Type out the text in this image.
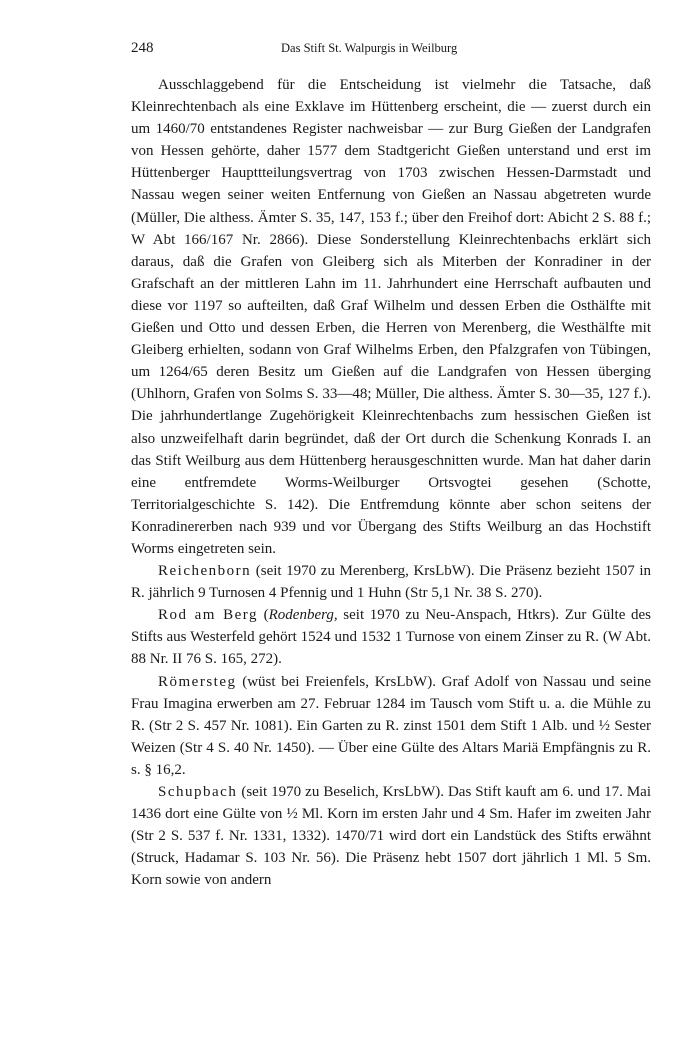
248	Das Stift St. Walpurgis in Weilburg

Ausschlaggebend für die Entscheidung ist vielmehr die Tatsache, daß Kleinrechtenbach als eine Exklave im Hüttenberg erscheint, die — zuerst durch ein um 1460/70 entstandenes Register nachweisbar — zur Burg Gießen der Landgrafen von Hessen gehörte, daher 1577 dem Stadtgericht Gießen unterstand und erst im Hüttenberger Haupttteilungsvertrag von 1703 zwischen Hessen-Darmstadt und Nassau wegen seiner weiten Entfernung von Gießen an Nassau abgetreten wurde (Müller, Die althess. Ämter S. 35, 147, 153 f.; über den Freihof dort: Abicht 2 S. 88 f.; W Abt 166/167 Nr. 2866). Diese Sonderstellung Kleinrechtenbachs erklärt sich daraus, daß die Grafen von Gleiberg sich als Miterben der Konradiner in der Grafschaft an der mittleren Lahn im 11. Jahrhundert eine Herrschaft aufbauten und diese vor 1197 so aufteilten, daß Graf Wilhelm und dessen Erben die Osthälfte mit Gießen und Otto und dessen Erben, die Herren von Merenberg, die Westhälfte mit Gleiberg erhielten, sodann von Graf Wilhelms Erben, den Pfalzgrafen von Tübingen, um 1264/65 deren Besitz um Gießen auf die Landgrafen von Hessen überging (Uhlhorn, Grafen von Solms S. 33—48; Müller, Die althess. Ämter S. 30—35, 127 f.). Die jahrhundertlange Zugehörigkeit Kleinrechtenbachs zum hessischen Gießen ist also unzweifelhaft darin begründet, daß der Ort durch die Schenkung Konrads I. an das Stift Weilburg aus dem Hüttenberg herausgeschnitten wurde. Man hat daher darin eine entfremdete Worms-Weilburger Ortsvogtei gesehen (Schotte, Territorialgeschichte S. 142). Die Entfremdung könnte aber schon seitens der Konradinererben nach 939 und vor Übergang des Stifts Weilburg an das Hochstift Worms eingetreten sein.

Reichenborn (seit 1970 zu Merenberg, KrsLbW). Die Präsenz bezieht 1507 in R. jährlich 9 Turnosen 4 Pfennig und 1 Huhn (Str 5,1 Nr. 38 S. 270).

Rod am Berg (Rodenberg, seit 1970 zu Neu-Anspach, Htkrs). Zur Gülte des Stifts aus Westerfeld gehört 1524 und 1532 1 Turnose von einem Zinser zu R. (W Abt. 88 Nr. II 76 S. 165, 272).

Römersteg (wüst bei Freienfels, KrsLbW). Graf Adolf von Nassau und seine Frau Imagina erwerben am 27. Februar 1284 im Tausch vom Stift u. a. die Mühle zu R. (Str 2 S. 457 Nr. 1081). Ein Garten zu R. zinst 1501 dem Stift 1 Alb. und ½ Sester Weizen (Str 4 S. 40 Nr. 1450). — Über eine Gülte des Altars Mariä Empfängnis zu R. s. § 16,2.

Schupbach (seit 1970 zu Beselich, KrsLbW). Das Stift kauft am 6. und 17. Mai 1436 dort eine Gülte von ½ Ml. Korn im ersten Jahr und 4 Sm. Hafer im zweiten Jahr (Str 2 S. 537 f. Nr. 1331, 1332). 1470/71 wird dort ein Landstück des Stifts erwähnt (Struck, Hadamar S. 103 Nr. 56). Die Präsenz hebt 1507 dort jährlich 1 Ml. 5 Sm. Korn sowie von andern
